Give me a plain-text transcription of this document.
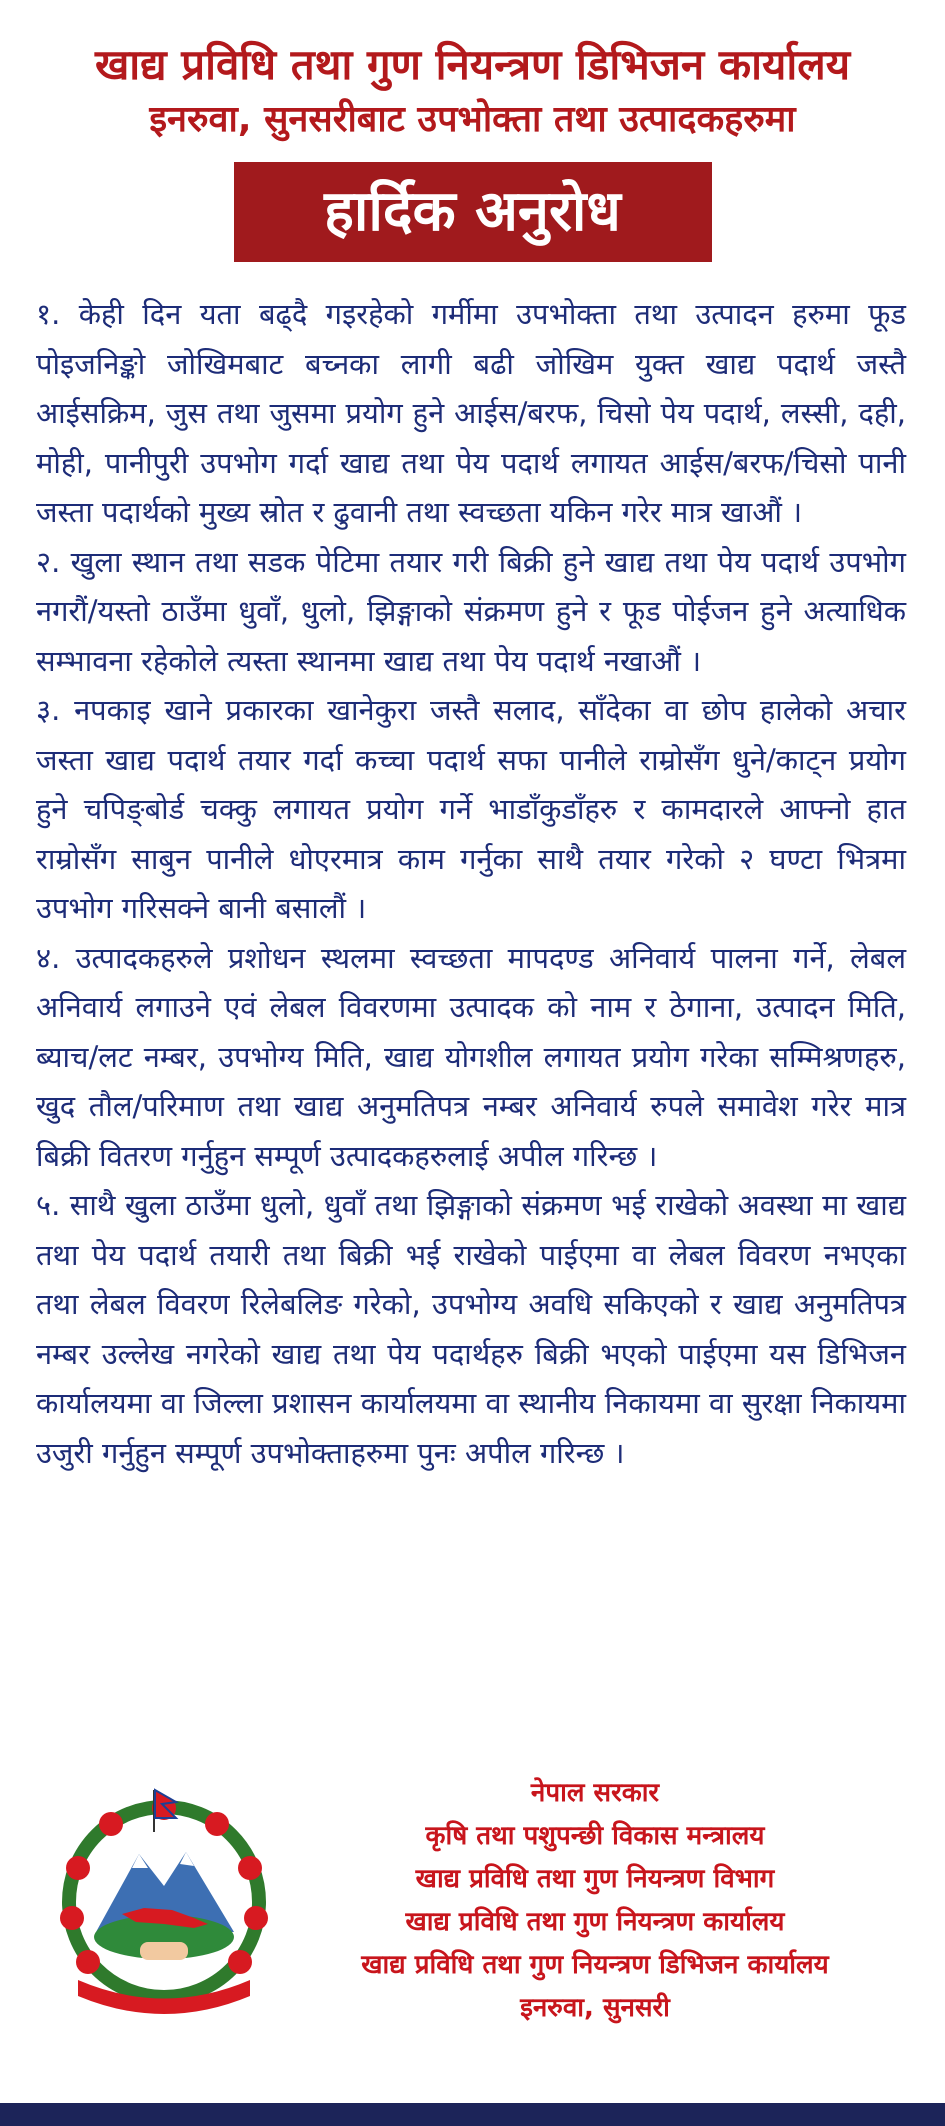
खाद्य प्रविधि तथा गुण नियन्त्रण डिभिजन कार्यालय
इनरुवा, सुनसरीबाट उपभोक्ता तथा उत्पादकहरुमा
हार्दिक अनुरोध

१. केही दिन यता बढ्दै गइरहेको गर्मीमा उपभोक्ता तथा उत्पादन हरुमा फूड पोइजनिङ्को जोखिमबाट बच्नका लागी बढी जोखिम युक्त खाद्य पदार्थ जस्तै आईसक्रिम, जुस तथा जुसमा प्रयोग हुने आईस/बरफ, चिसो पेय पदार्थ, लस्सी, दही, मोही, पानीपुरी उपभोग गर्दा खाद्य तथा पेय पदार्थ लगायत आईस/बरफ/चिसो पानी जस्ता पदार्थको मुख्य स्रोत र ढुवानी तथा स्वच्छता यकिन गरेर मात्र खाऔं ।

२. खुला स्थान तथा सडक पेटिमा तयार गरी बिक्री हुने खाद्य तथा पेय पदार्थ उपभोग नगरौं/यस्तो ठाउँमा धुवाँ, धुलो, झिङ्गाको संक्रमण हुने र फूड पोईजन हुने अत्याधिक सम्भावना रहेकोले त्यस्ता स्थानमा खाद्य तथा पेय पदार्थ नखाऔं ।

३. नपकाइ खाने प्रकारका खानेकुरा जस्तै सलाद, साँदेका वा छोप हालेको अचार जस्ता खाद्य पदार्थ तयार गर्दा कच्चा पदार्थ सफा पानीले राम्रोसँग धुने/काट्न प्रयोग हुने चपिङ्बोर्ड चक्कु लगायत प्रयोग गर्ने भाडाँकुडाँहरु र कामदारले आफ्नो हात राम्रोसँग साबुन पानीले धोएरमात्र काम गर्नुका साथै तयार गरेको २ घण्टा भित्रमा उपभोग गरिसक्ने बानी बसालौं ।

४. उत्पादकहरुले प्रशोधन स्थलमा स्वच्छता मापदण्ड अनिवार्य पालना गर्ने, लेबल अनिवार्य लगाउने एवं लेबल विवरणमा उत्पादक को नाम र ठेगाना, उत्पादन मिति, ब्याच/लट नम्बर, उपभोग्य मिति, खाद्य योगशील लगायत प्रयोग गरेका सम्मिश्रणहरु, खुद तौल/परिमाण तथा खाद्य अनुमतिपत्र नम्बर अनिवार्य रुपले समावेश गरेर मात्र बिक्री वितरण गर्नुहुन सम्पूर्ण उत्पादकहरुलाई अपील गरिन्छ ।

५. साथै खुला ठाउँमा धुलो, धुवाँ तथा झिङ्गाको संक्रमण भई राखेको अवस्था मा खाद्य तथा पेय पदार्थ तयारी तथा बिक्री भई राखेको पाईएमा वा लेबल विवरण नभएका तथा लेबल विवरण रिलेबलिङ गरेको, उपभोग्य अवधि सकिएको र खाद्य अनुमतिपत्र नम्बर उल्लेख नगरेको खाद्य तथा पेय पदार्थहरु बिक्री भएको पाईएमा यस डिभिजन कार्यालयमा वा जिल्ला प्रशासन कार्यालयमा वा स्थानीय निकायमा वा सुरक्षा निकायमा उजुरी गर्नुहुन सम्पूर्ण उपभोक्ताहरुमा पुनः अपील गरिन्छ ।

नेपाल सरकार
कृषि तथा पशुपन्छी विकास मन्त्रालय
खाद्य प्रविधि तथा गुण नियन्त्रण विभाग
खाद्य प्रविधि तथा गुण नियन्त्रण कार्यालय
खाद्य प्रविधि तथा गुण नियन्त्रण डिभिजन कार्यालय
इनरुवा, सुनसरी
